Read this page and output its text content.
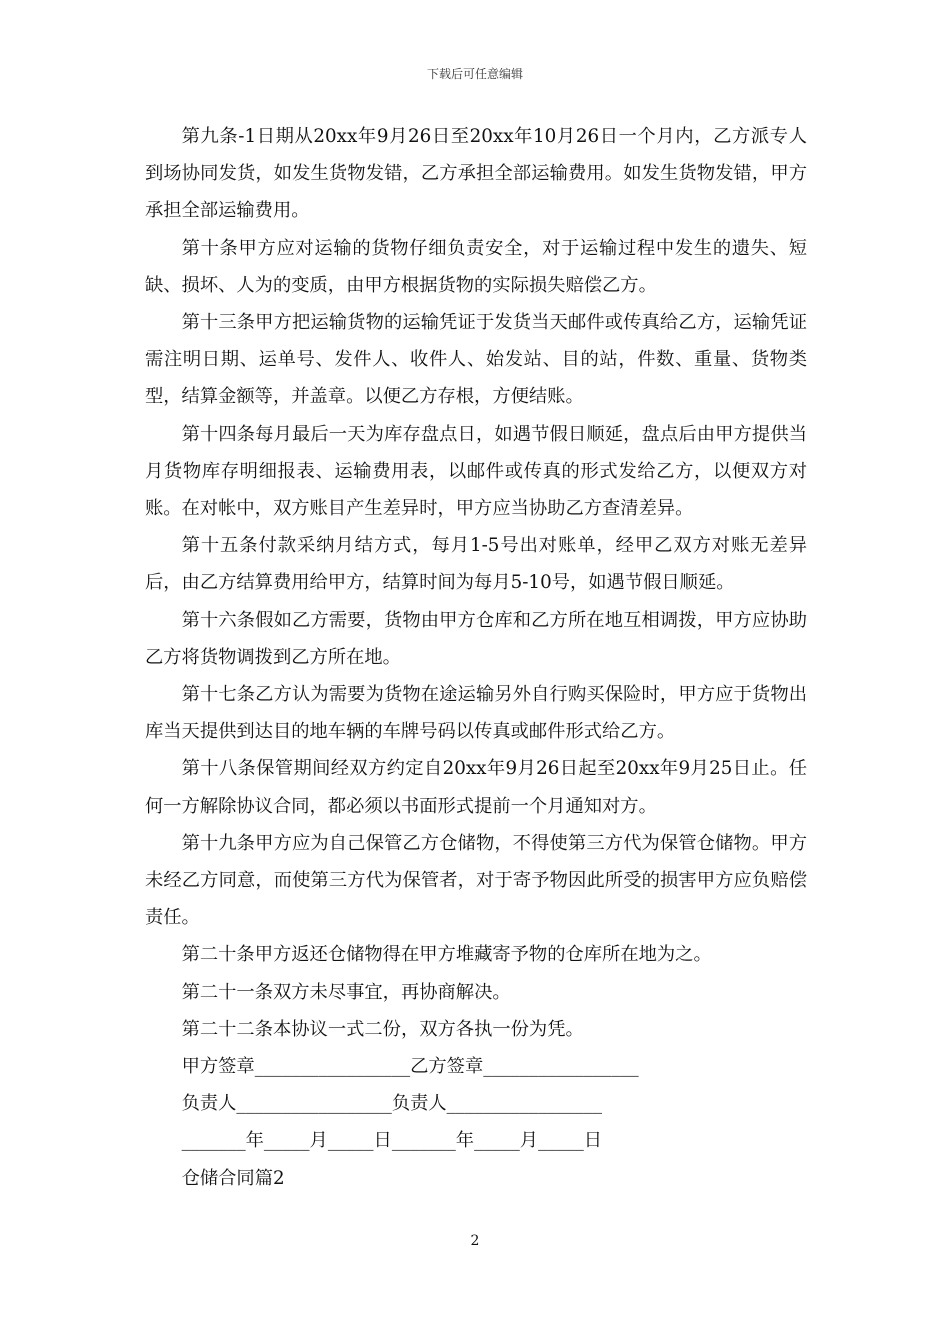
下载后可任意编辑

第九条-1日期从20xx年9月26日至20xx年10月26日一个月内，乙方派专人到场协同发货，如发生货物发错，乙方承担全部运输费用。如发生货物发错，甲方承担全部运输费用。

第十条甲方应对运输的货物仔细负责安全，对于运输过程中发生的遗失、短缺、损坏、人为的变质，由甲方根据货物的实际损失赔偿乙方。

第十三条甲方把运输货物的运输凭证于发货当天邮件或传真给乙方，运输凭证需注明日期、运单号、发件人、收件人、始发站、目的站，件数、重量、货物类型，结算金额等，并盖章。以便乙方存根，方便结账。

第十四条每月最后一天为库存盘点日，如遇节假日顺延，盘点后由甲方提供当月货物库存明细报表、运输费用表，以邮件或传真的形式发给乙方，以便双方对账。在对帐中，双方账目产生差异时，甲方应当协助乙方查清差异。

第十五条付款采纳月结方式，每月1-5号出对账单，经甲乙双方对账无差异后，由乙方结算费用给甲方，结算时间为每月5-10号，如遇节假日顺延。

第十六条假如乙方需要，货物由甲方仓库和乙方所在地互相调拨，甲方应协助乙方将货物调拨到乙方所在地。

第十七条乙方认为需要为货物在途运输另外自行购买保险时，甲方应于货物出库当天提供到达目的地车辆的车牌号码以传真或邮件形式给乙方。

第十八条保管期间经双方约定自20xx年9月26日起至20xx年9月25日止。任何一方解除协议合同，都必须以书面形式提前一个月通知对方。

第十九条甲方应为自己保管乙方仓储物，不得使第三方代为保管仓储物。甲方未经乙方同意，而使第三方代为保管者，对于寄予物因此所受的损害甲方应负赔偿责任。

第二十条甲方返还仓储物得在甲方堆藏寄予物的仓库所在地为之。

第二十一条双方未尽事宜，再协商解决。

第二十二条本协议一式二份，双方各执一份为凭。

甲方签章_________________乙方签章_________________

负责人_________________负责人_________________

_______年_____月_____日_______年_____月_____日

仓储合同篇2

2
